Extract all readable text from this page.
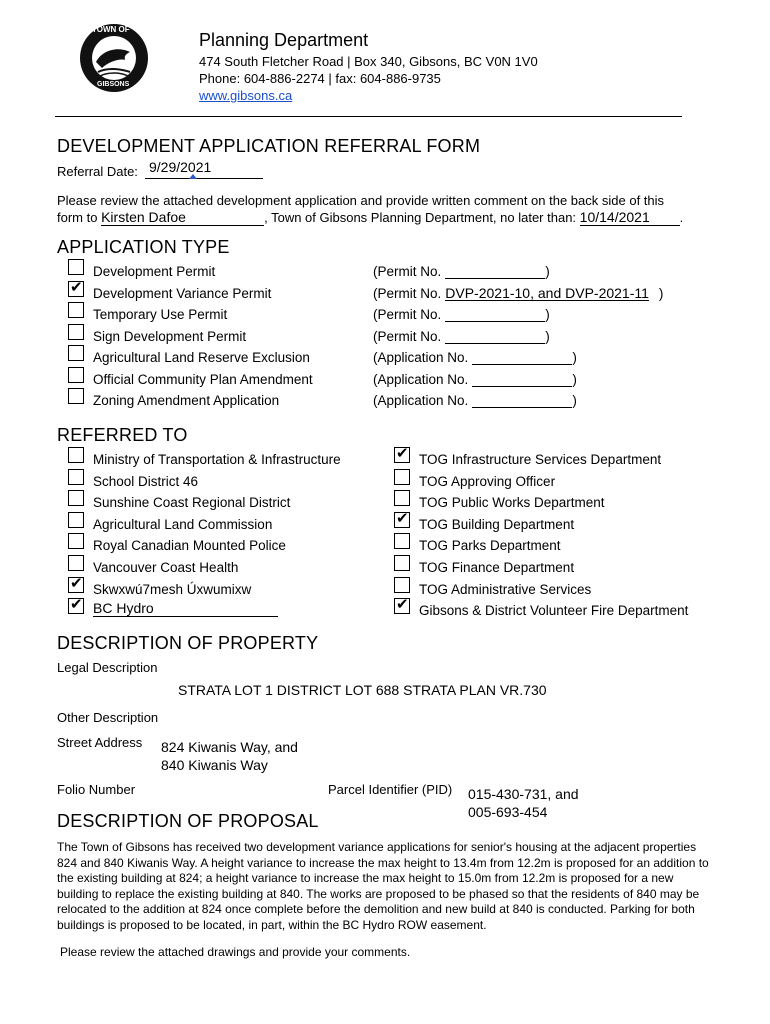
TOWN OF
GIBSONS
Planning Department
474 South Fletcher Road | Box 340, Gibsons, BC V0N 1V0
Phone: 604-886-2274 | fax: 604-886-9735
www.gibsons.ca
DEVELOPMENT APPLICATION REFERRAL FORM
Referral Date: 9/29/2021
Please review the attached development application and provide written comment on the back side of this
form to Kirsten Dafoe	, Town of Gibsons Planning Department, no later than: 10/14/2021 .
APPLICATION TYPE
Development Permit	(Permit No.	)
✔ Development Variance Permit	(Permit No. DVP-2021-10, and DVP-2021-11 )
Temporary Use Permit	(Permit No.	)
Sign Development Permit	(Permit No.	)
Agricultural Land Reserve Exclusion	(Application No.	)
Official Community Plan Amendment	(Application No.	)
Zoning Amendment Application	(Application No.	)
REFERRED TO
Ministry of Transportation & Infrastructure
School District 46
Sunshine Coast Regional District
Agricultural Land Commission
Royal Canadian Mounted Police
Vancouver Coast Health
✔ Skwxwú7mesh Úxwumixw
✔ BC Hydro
✔ TOG Infrastructure Services Department
TOG Approving Officer
TOG Public Works Department
✔ TOG Building Department
TOG Parks Department
TOG Finance Department
TOG Administrative Services
✔ Gibsons & District Volunteer Fire Department
DESCRIPTION OF PROPERTY
Legal Description
STRATA LOT 1 DISTRICT LOT 688 STRATA PLAN VR.730
Other Description
Street Address 824 Kiwanis Way, and
840 Kiwanis Way
Folio Number	Parcel Identifier (PID) 015-430-731, and
005-693-454
DESCRIPTION OF PROPOSAL
The Town of Gibsons has received two development variance applications for senior's housing at the adjacent properties 824 and 840 Kiwanis Way. A height variance to increase the max height to 13.4m from 12.2m is proposed for an addition to the existing building at 824; a height variance to increase the max height to 15.0m from 12.2m is proposed for a new building to replace the existing building at 840. The works are proposed to be phased so that the residents of 840 may be relocated to the addition at 824 once complete before the demolition and new build at 840 is conducted. Parking for both buildings is proposed to be located, in part, within the BC Hydro ROW easement.
Please review the attached drawings and provide your comments.
